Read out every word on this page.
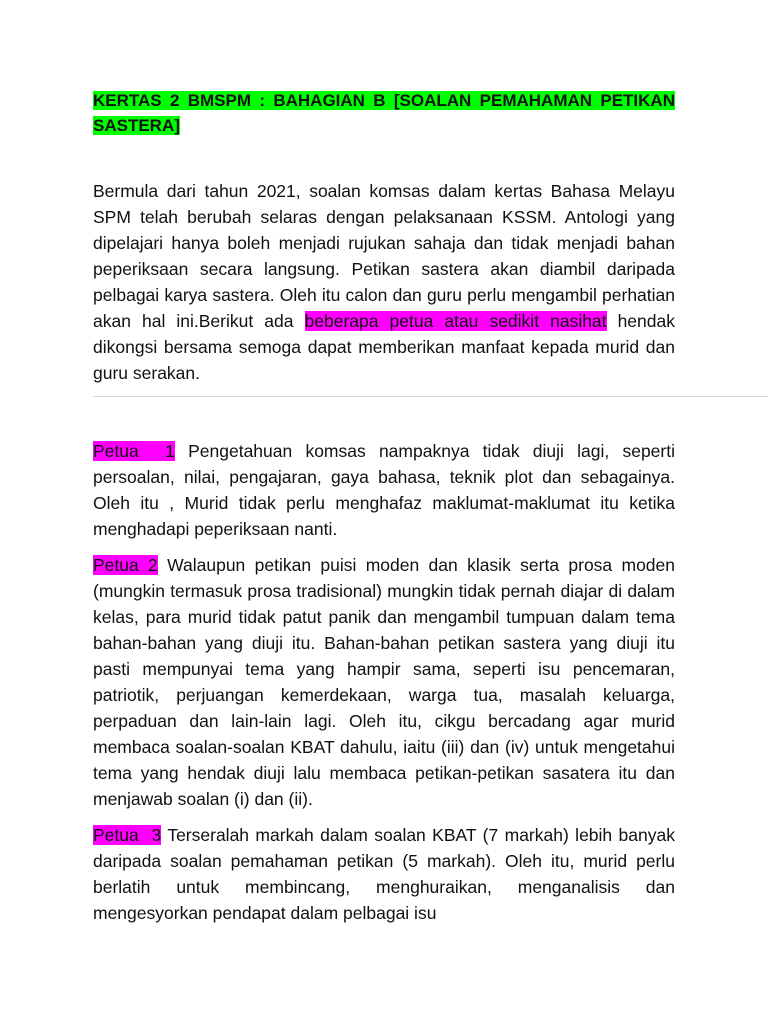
KERTAS 2 BMSPM : BAHAGIAN B [SOALAN PEMAHAMAN PETIKAN SASTERA]

Bermula dari tahun 2021, soalan komsas dalam kertas Bahasa Melayu SPM telah berubah selaras dengan pelaksanaan KSSM. Antologi yang dipelajari hanya boleh menjadi rujukan sahaja dan tidak menjadi bahan peperiksaan secara langsung. Petikan sastera akan diambil daripada pelbagai karya sastera. Oleh itu calon dan guru perlu mengambil perhatian akan hal ini.Berikut ada beberapa petua atau sedikit nasihat hendak dikongsi bersama semoga dapat memberikan manfaat kepada murid dan guru serakan.

Petua  1 Pengetahuan komsas nampaknya tidak diuji lagi, seperti persoalan, nilai, pengajaran, gaya bahasa, teknik plot dan sebagainya. Oleh itu , Murid tidak perlu menghafaz maklumat-maklumat itu ketika menghadapi peperiksaan nanti.

Petua 2 Walaupun petikan puisi moden dan klasik serta prosa moden (mungkin termasuk prosa tradisional) mungkin tidak pernah diajar di dalam kelas, para murid tidak patut panik dan mengambil tumpuan dalam tema bahan-bahan yang diuji itu. Bahan-bahan petikan sastera yang diuji itu pasti mempunyai tema yang hampir sama, seperti isu pencemaran, patriotik, perjuangan kemerdekaan, warga tua, masalah keluarga, perpaduan dan lain-lain lagi. Oleh itu, cikgu bercadang agar murid membaca soalan-soalan KBAT dahulu, iaitu (iii) dan (iv) untuk mengetahui tema yang hendak diuji lalu membaca petikan-petikan sasatera itu dan menjawab soalan (i) dan (ii).

Petua  3 Terseralah markah dalam soalan KBAT (7 markah) lebih banyak daripada soalan pemahaman petikan (5 markah). Oleh itu, murid perlu berlatih untuk membincang, menghuraikan, menganalisis dan mengesyorkan pendapat dalam pelbagai isu
